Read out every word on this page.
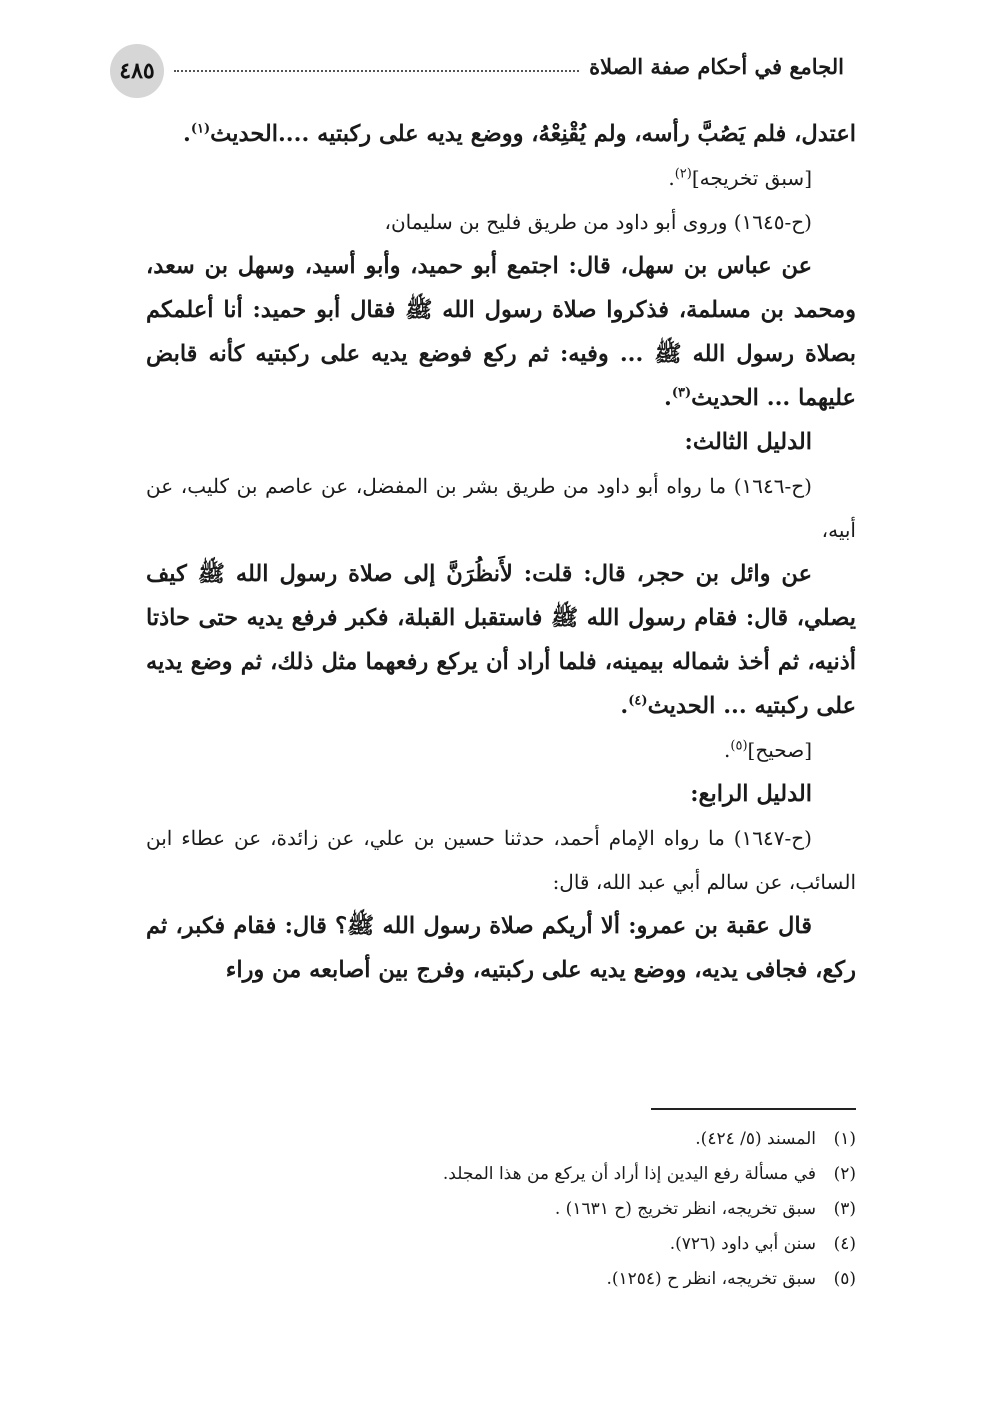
٤٨٥	الجامع في أحكام صفة الصلاة

اعتدل، فلم يَصُبَّ رأسه، ولم يُقْنِعْهُ، ووضع يديه على ركبتيه ....الحديث$^{(١)}$.

[سبق تخريجه]$^{(٢)}$.

(ح-١٦٤٥) وروى أبو داود من طريق فليح بن سليمان،

عن عباس بن سهل، قال: اجتمع أبو حميد، وأبو أسيد، وسهل بن سعد، ومحمد بن مسلمة، فذكروا صلاة رسول الله ﷺ فقال أبو حميد: أنا أعلمكم بصلاة رسول الله ﷺ ... وفيه: ثم ركع فوضع يديه على ركبتيه كأنه قابض عليهما ... الحديث$^{(٣)}$.

الدليل الثالث:

(ح-١٦٤٦) ما رواه أبو داود من طريق بشر بن المفضل، عن عاصم بن كليب، عن أبيه،

عن وائل بن حجر، قال: قلت: لأَنظُرَنَّ إلى صلاة رسول الله ﷺ كيف يصلي، قال: فقام رسول الله ﷺ فاستقبل القبلة، فكبر فرفع يديه حتى حاذتا أذنيه، ثم أخذ شماله بيمينه، فلما أراد أن يركع رفعهما مثل ذلك، ثم وضع يديه على ركبتيه ... الحديث$^{(٤)}$.

[صحيح]$^{(٥)}$.

الدليل الرابع:

(ح-١٦٤٧) ما رواه الإمام أحمد، حدثنا حسين بن علي، عن زائدة، عن عطاء ابن السائب، عن سالم أبي عبد الله، قال:

قال عقبة بن عمرو: ألا أريكم صلاة رسول الله ﷺ؟ قال: فقام فكبر، ثم ركع، فجافى يديه، ووضع يديه على ركبتيه، وفرج بين أصابعه من وراء

(١)المسند (٥/ ٤٢٤).

(٢)في مسألة رفع اليدين إذا أراد أن يركع من هذا المجلد.

(٣)سبق تخريجه، انظر تخريج (ح ١٦٣١) .

(٤)سنن أبي داود (٧٢٦).

(٥)سبق تخريجه، انظر ح (١٢٥٤).
